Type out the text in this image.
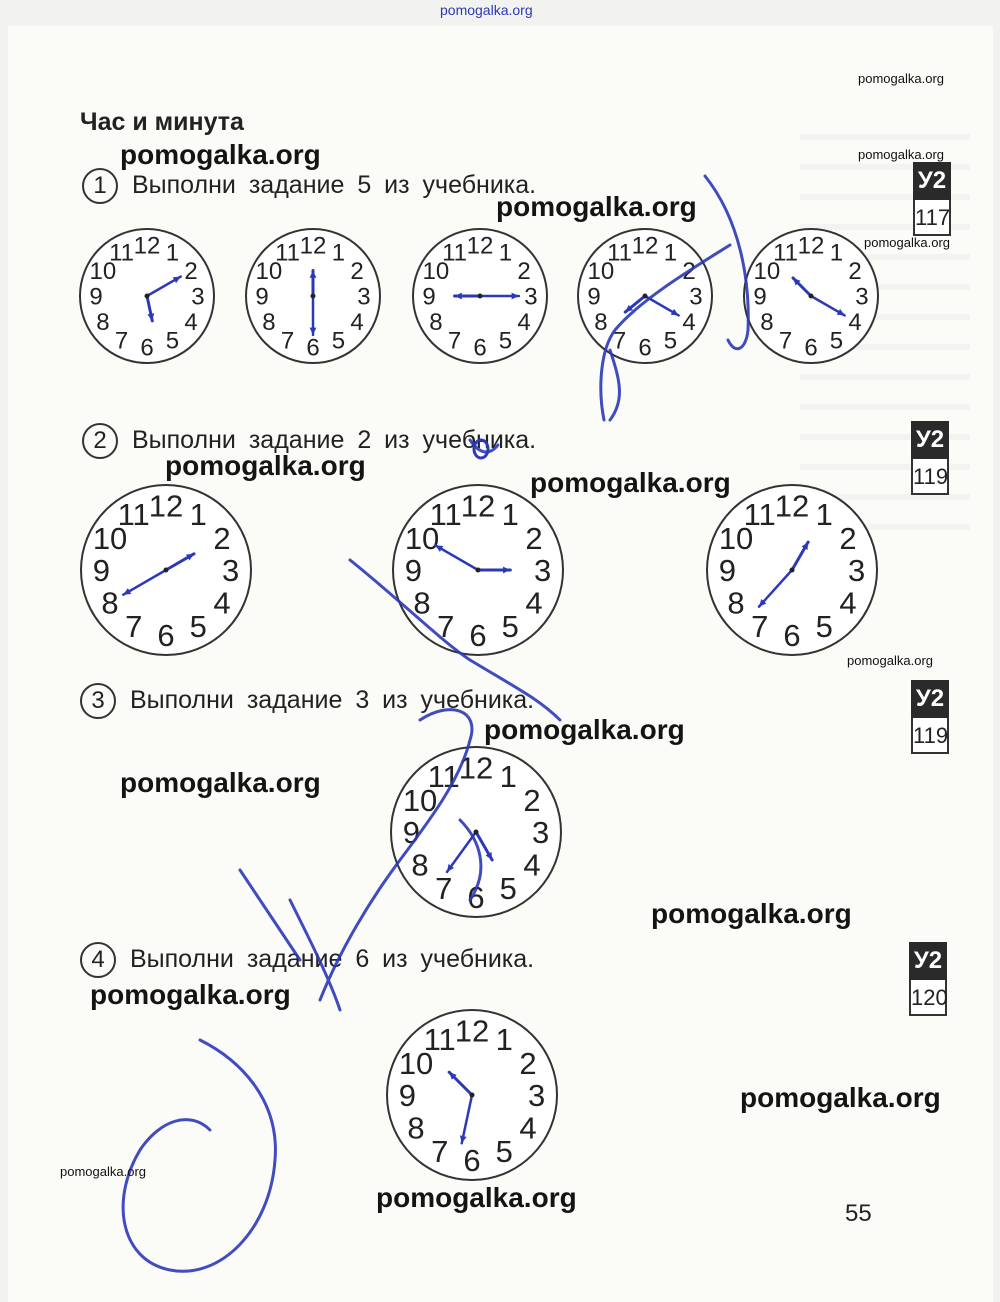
pomogalka.org
Час и минута
1 Выполни задание 5 из учебника.
2 Выполни задание 2 из учебника.
3 Выполни задание 3 из учебника.
4 Выполни задание 6 из учебника.
У2
117
У2
119
У2
119
У2
120
12 1
2
3
4
5
6
7
8
9
10
11	12 1
2
3
4
5
6
7
8
9
10
11	12 1
2
3
4
5
6
7
8
9
10
11	12 1
2
3
4
5
6
7
8
9
10
11	12 1
2
3
4
5
6
7
8
9
10
11
12 1
2
3
4
5
6
7
8
9
10
11	12 1
2
3
4
5
6
7
8
9
10
11	12 1
2
3
4
5
6
7
8
9
10
11
12 1
2
3
4
5
6
7
8
9
10
11
12 1
2
3
4
5
6
7
8
9
10
11
pomogalka.org
pomogalka.org
pomogalka.org
pomogalka.org
pomogalka.org
pomogalka.org
pomogalka.org
pomogalka.org
pomogalka.org
pomogalka.org
pomogalka.org
pomogalka.org
pomogalka.org
pomogalka.org
pomogalka.org
55
